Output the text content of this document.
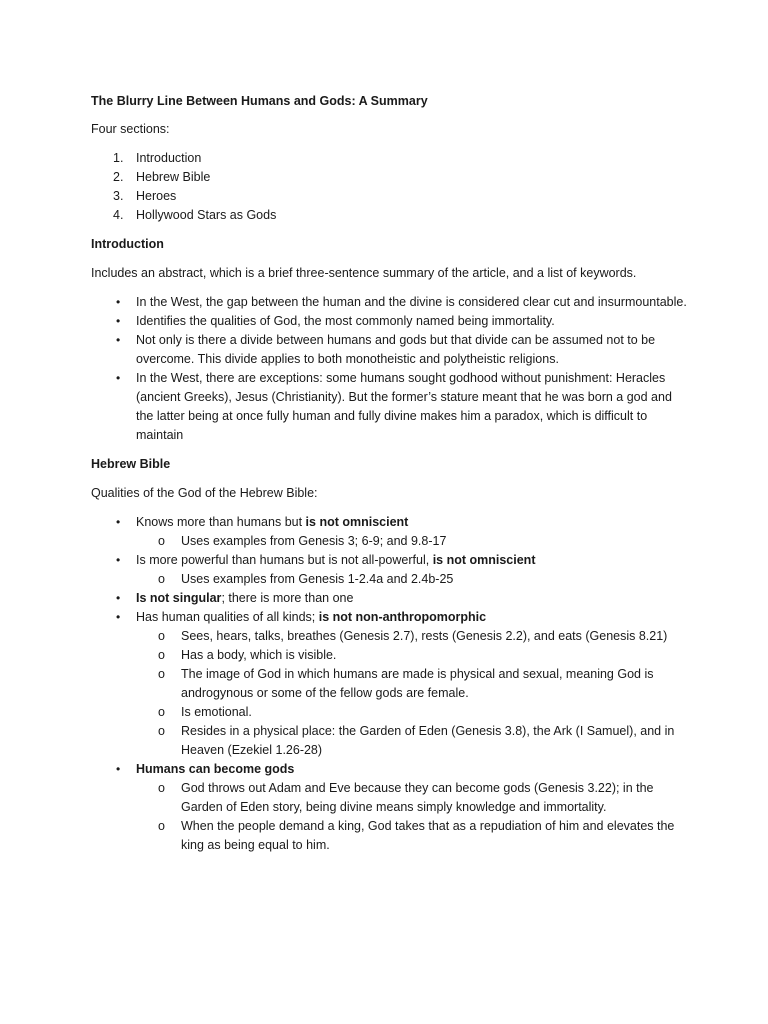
The Blurry Line Between Humans and Gods: A Summary

Four sections:

1. Introduction
2. Hebrew Bible
3. Heroes
4. Hollywood Stars as Gods

Introduction

Includes an abstract, which is a brief three-sentence summary of the article, and a list of keywords.

• In the West, the gap between the human and the divine is considered clear cut and insurmountable.
• Identifies the qualities of God, the most commonly named being immortality.
• Not only is there a divide between humans and gods but that divide can be assumed not to be overcome. This divide applies to both monotheistic and polytheistic religions.
• In the West, there are exceptions: some humans sought godhood without punishment: Heracles (ancient Greeks), Jesus (Christianity). But the former’s stature meant that he was born a god and the latter being at once fully human and fully divine makes him a paradox, which is difficult to maintain

Hebrew Bible

Qualities of the God of the Hebrew Bible:

• Knows more than humans but is not omniscient
o Uses examples from Genesis 3; 6-9; and 9.8-17
• Is more powerful than humans but is not all-powerful, is not omniscient
o Uses examples from Genesis 1-2.4a and 2.4b-25
• Is not singular; there is more than one
• Has human qualities of all kinds; is not non-anthropomorphic
o Sees, hears, talks, breathes (Genesis 2.7), rests (Genesis 2.2), and eats (Genesis 8.21)
o Has a body, which is visible.
o The image of God in which humans are made is physical and sexual, meaning God is androgynous or some of the fellow gods are female.
o Is emotional.
o Resides in a physical place: the Garden of Eden (Genesis 3.8), the Ark (I Samuel), and in Heaven (Ezekiel 1.26-28)
• Humans can become gods
o God throws out Adam and Eve because they can become gods (Genesis 3.22); in the Garden of Eden story, being divine means simply knowledge and immortality.
o When the people demand a king, God takes that as a repudiation of him and elevates the king as being equal to him.
